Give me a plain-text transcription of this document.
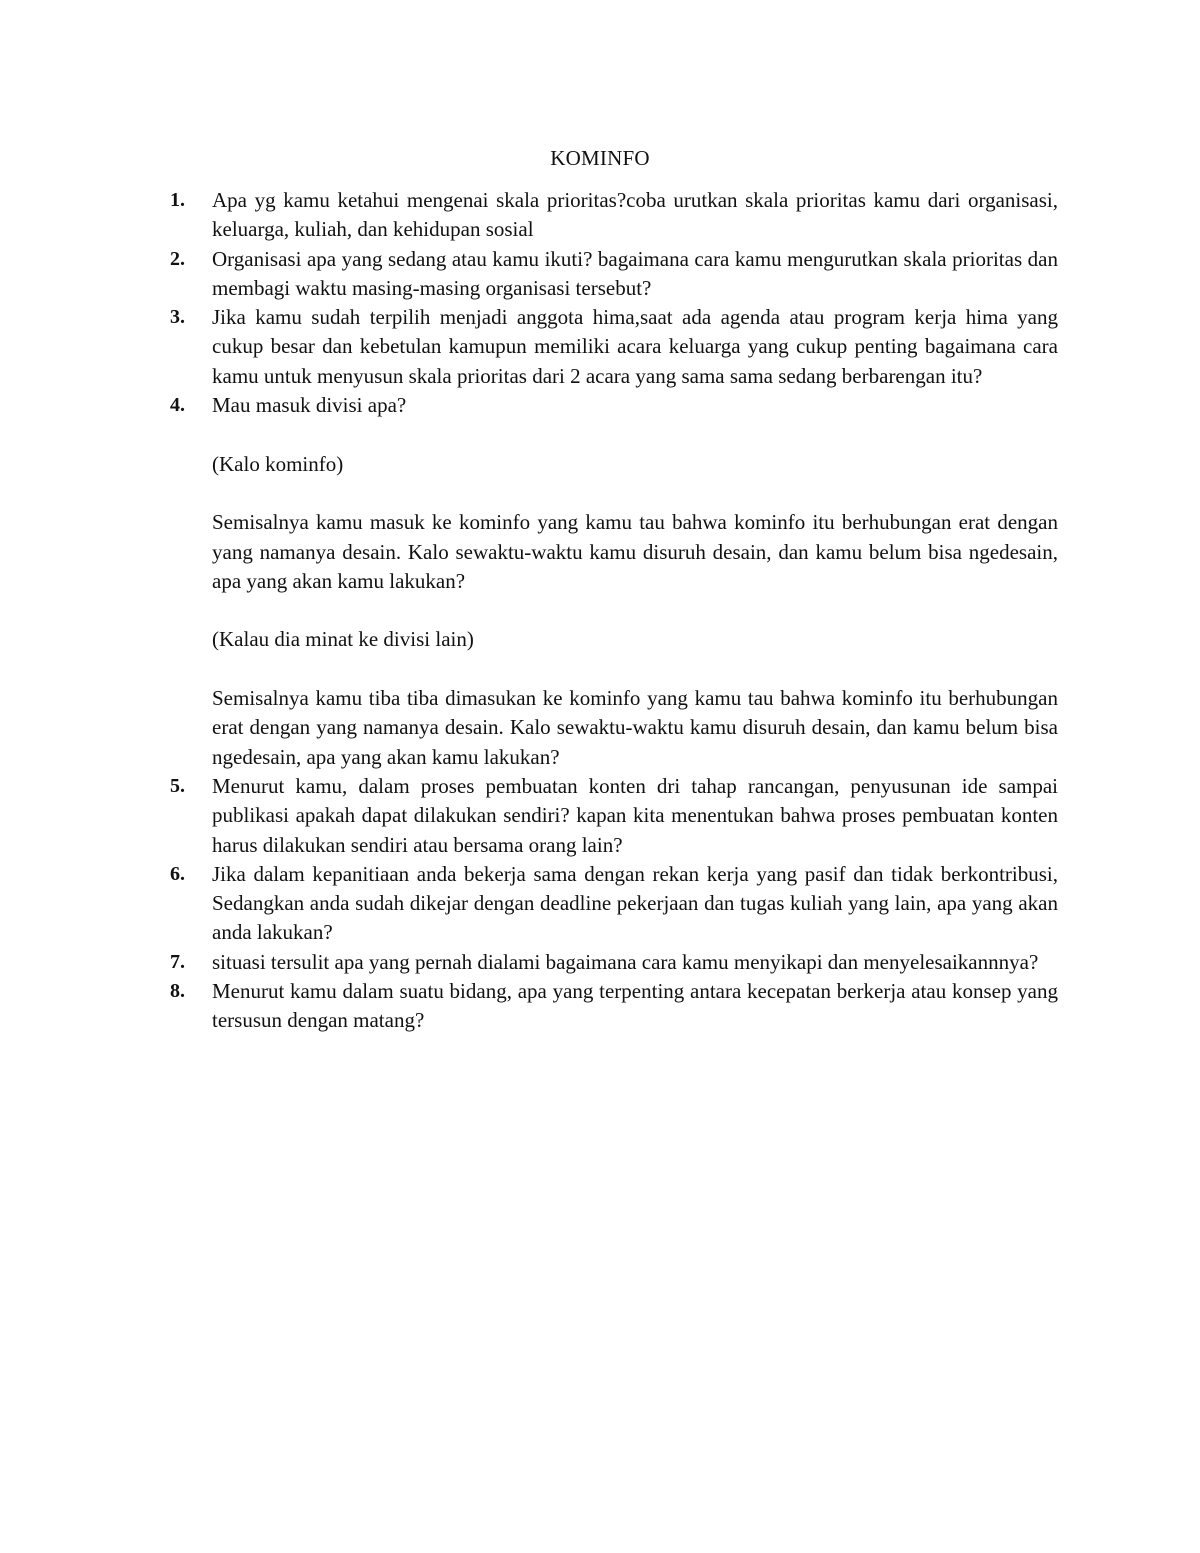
KOMINFO
1. Apa yg kamu ketahui mengenai skala prioritas?coba urutkan skala prioritas kamu dari organisasi, keluarga, kuliah, dan kehidupan sosial
2. Organisasi apa yang sedang atau kamu ikuti? bagaimana cara kamu mengurutkan skala prioritas dan membagi waktu masing-masing organisasi tersebut?
3. Jika kamu sudah terpilih menjadi anggota hima,saat ada agenda atau program kerja hima yang cukup besar dan kebetulan kamupun memiliki acara keluarga yang cukup penting bagaimana cara kamu untuk menyusun skala prioritas dari 2 acara yang sama sama sedang berbarengan itu?
4. Mau masuk divisi apa?
(Kalo kominfo)
Semisalnya kamu masuk ke kominfo yang kamu tau bahwa kominfo itu berhubungan erat dengan yang namanya desain. Kalo sewaktu-waktu kamu disuruh desain, dan kamu belum bisa ngedesain, apa yang akan kamu lakukan?
(Kalau dia minat ke divisi lain)
Semisalnya kamu tiba tiba dimasukan ke kominfo yang kamu tau bahwa kominfo itu berhubungan erat dengan yang namanya desain. Kalo sewaktu-waktu kamu disuruh desain, dan kamu belum bisa ngedesain, apa yang akan kamu lakukan?
5. Menurut kamu, dalam proses pembuatan konten dri tahap rancangan, penyusunan ide sampai publikasi apakah dapat dilakukan sendiri? kapan kita menentukan bahwa proses pembuatan konten harus dilakukan sendiri atau bersama orang lain?
6. Jika dalam kepanitiaan anda bekerja sama dengan rekan kerja yang pasif dan tidak berkontribusi, Sedangkan anda sudah dikejar dengan deadline pekerjaan dan tugas kuliah yang lain, apa yang akan anda lakukan?
7. situasi tersulit apa yang pernah dialami bagaimana cara kamu menyikapi dan menyelesaikannnya?
8. Menurut kamu dalam suatu bidang, apa yang terpenting antara kecepatan berkerja atau konsep yang tersusun dengan matang?
